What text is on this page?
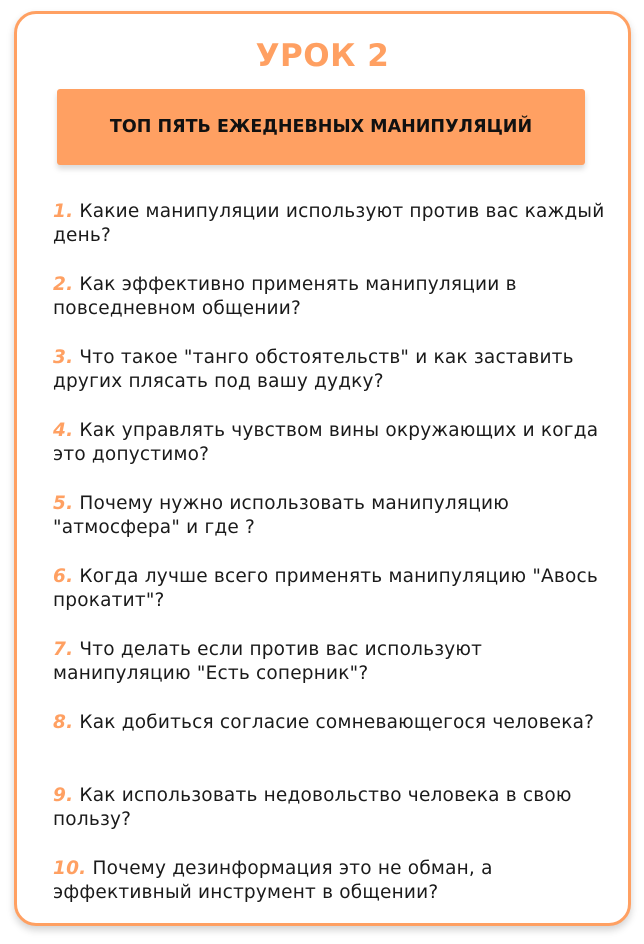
УРОК 2
ТОП ПЯТЬ ЕЖЕДНЕВНЫХ МАНИПУЛЯЦИЙ
1. Какие манипуляции используют против вас каждый день?
2. Как эффективно применять манипуляции в повседневном общении?
3. Что такое "танго обстоятельств" и как заставить других плясать под вашу дудку?
4. Как управлять чувством вины окружающих и когда это допустимо?
5. Почему нужно использовать манипуляцию "атмосфера" и где ?
6. Когда лучше всего применять манипуляцию "Авось прокатит"?
7. Что делать если против вас используют манипуляцию "Есть соперник"?
8. Как добиться согласие сомневающегося человека?
9. Как использовать недовольство человека в свою пользу?
10. Почему дезинформация это не обман, а эффективный инструмент в общении?
